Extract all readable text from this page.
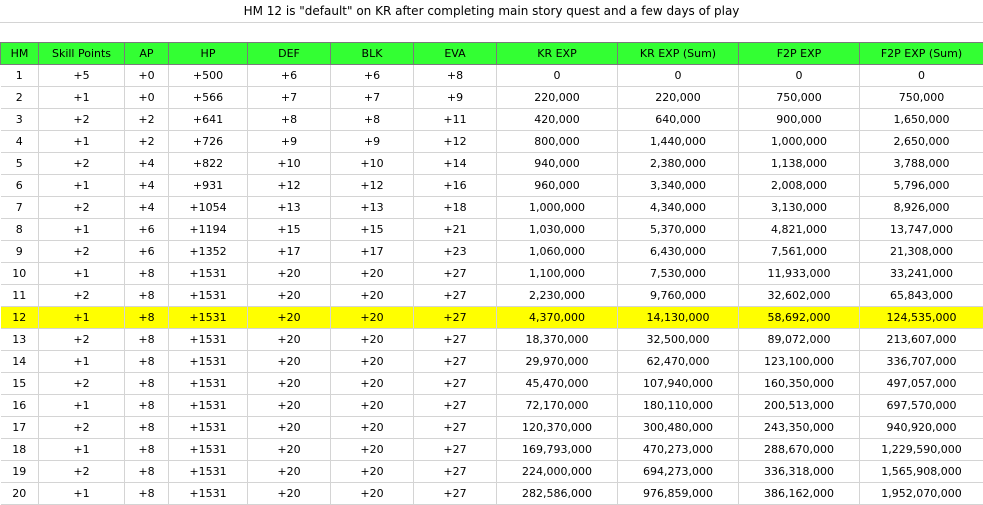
HM 12 is "default" on KR after completing main story quest and a few days of play
HM	Skill Points	AP	HP	DEF	BLK	EVA	KR EXP	KR EXP (Sum)	F2P EXP	F2P EXP (Sum)
1	+5	+0	+500	+6	+6	+8	0	0	0	0
2	+1	+0	+566	+7	+7	+9	220,000	220,000	750,000	750,000
3	+2	+2	+641	+8	+8	+11	420,000	640,000	900,000	1,650,000
4	+1	+2	+726	+9	+9	+12	800,000	1,440,000	1,000,000	2,650,000
5	+2	+4	+822	+10	+10	+14	940,000	2,380,000	1,138,000	3,788,000
6	+1	+4	+931	+12	+12	+16	960,000	3,340,000	2,008,000	5,796,000
7	+2	+4	+1054	+13	+13	+18	1,000,000	4,340,000	3,130,000	8,926,000
8	+1	+6	+1194	+15	+15	+21	1,030,000	5,370,000	4,821,000	13,747,000
9	+2	+6	+1352	+17	+17	+23	1,060,000	6,430,000	7,561,000	21,308,000
10	+1	+8	+1531	+20	+20	+27	1,100,000	7,530,000	11,933,000	33,241,000
11	+2	+8	+1531	+20	+20	+27	2,230,000	9,760,000	32,602,000	65,843,000
12	+1	+8	+1531	+20	+20	+27	4,370,000	14,130,000	58,692,000	124,535,000
13	+2	+8	+1531	+20	+20	+27	18,370,000	32,500,000	89,072,000	213,607,000
14	+1	+8	+1531	+20	+20	+27	29,970,000	62,470,000	123,100,000	336,707,000
15	+2	+8	+1531	+20	+20	+27	45,470,000	107,940,000	160,350,000	497,057,000
16	+1	+8	+1531	+20	+20	+27	72,170,000	180,110,000	200,513,000	697,570,000
17	+2	+8	+1531	+20	+20	+27	120,370,000	300,480,000	243,350,000	940,920,000
18	+1	+8	+1531	+20	+20	+27	169,793,000	470,273,000	288,670,000	1,229,590,000
19	+2	+8	+1531	+20	+20	+27	224,000,000	694,273,000	336,318,000	1,565,908,000
20	+1	+8	+1531	+20	+20	+27	282,586,000	976,859,000	386,162,000	1,952,070,000
